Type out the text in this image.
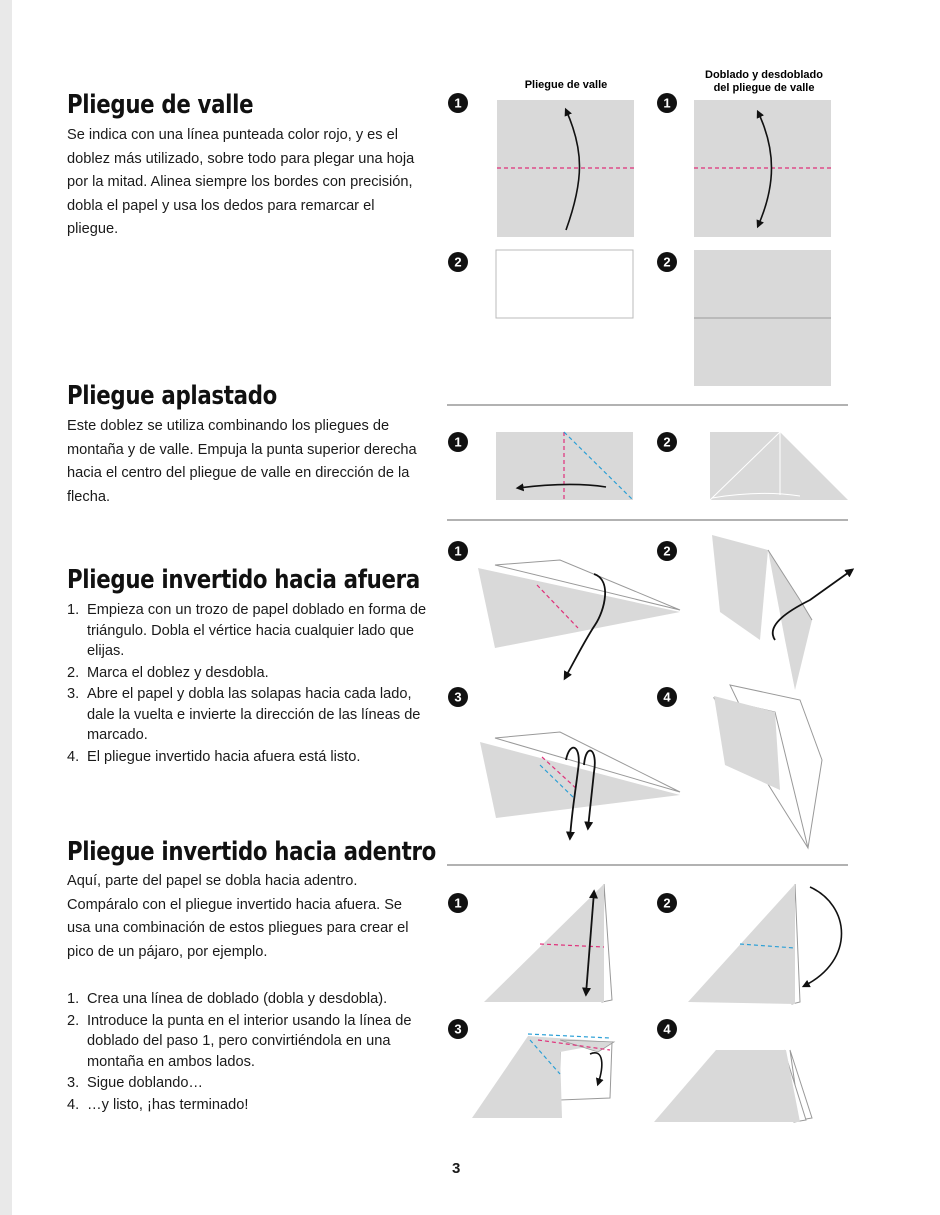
Pliegue de valle

Se indica con una línea punteada color rojo, y es el doblez más utilizado, sobre todo para plegar una hoja por la mitad. Alinea siempre los bordes con precisión, dobla el papel y usa los dedos para remarcar el pliegue.

Pliegue aplastado

Este doblez se utiliza combinando los pliegues de montaña y de valle. Empuja la punta superior derecha hacia el centro del pliegue de valle en dirección de la flecha.

Pliegue invertido hacia afuera
1. Empieza con un trozo de papel doblado en forma de triángulo. Dobla el vértice hacia cualquier lado que elijas.
2. Marca el doblez y desdobla.
3. Abre el papel y dobla las solapas hacia cada lado, dale la vuelta e invierte la dirección de las líneas de marcado.
4. El pliegue invertido hacia afuera está listo.
Pliegue invertido hacia adentro

Aquí, parte del papel se dobla hacia adentro. Compáralo con el pliegue invertido hacia afuera. Se usa una combinación de estos pliegues para crear el pico de un pájaro, por ejemplo.

1. Crea una línea de doblado (dobla y desdobla).
2. Introduce la punta en el interior usando la línea de doblado del paso 1, pero convirtiéndola en una montaña en ambos lados.
3. Sigue doblando…
4. …y listo, ¡has terminado!
3
Pliegue de valle
Doblado y desdoblado
del pliegue de valle
1
2
1
2
1	2
1	2
3	4
1	2
3	4
